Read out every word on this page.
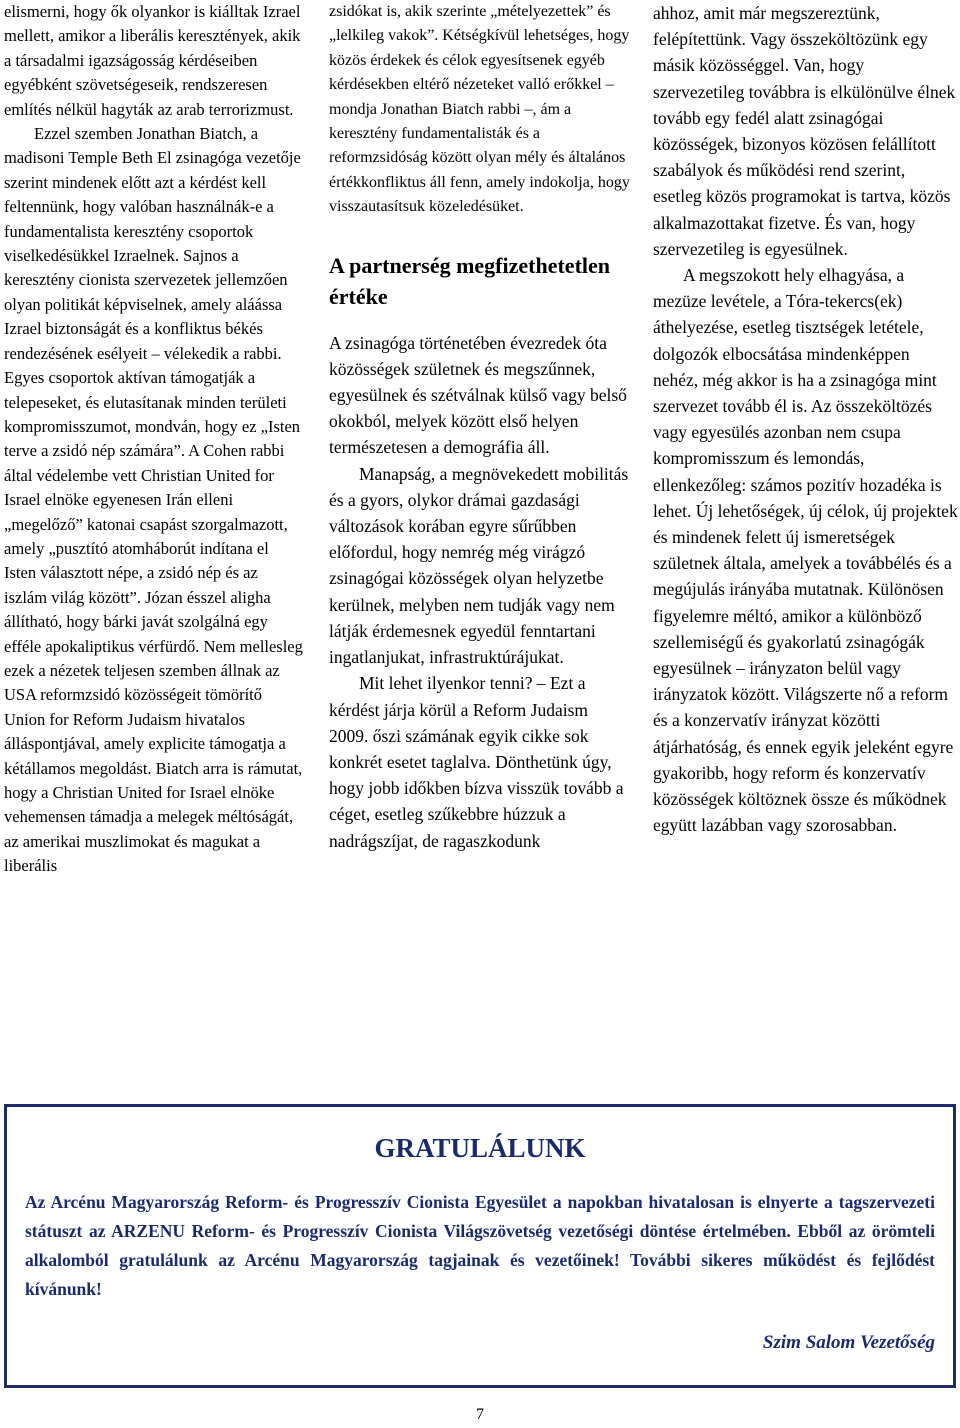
elismerni, hogy ők olyankor is kiálltak Izrael mellett, amikor a liberális keresztények, akik a társadalmi igazságosság kérdéseiben egyébként szövetségeseik, rendszeresen említés nélkül hagyták az arab terrorizmust.

Ezzel szemben Jonathan Biatch, a madisoni Temple Beth El zsinagóga vezetője szerint mindenek előtt azt a kérdést kell feltennünk, hogy valóban használnák-e a fundamentalista keresztény csoportok viselkedésükkel Izraelnek. Sajnos a keresztény cionista szervezetek jellemzően olyan politikát képviselnek, amely aláássa Izrael biztonságát és a konfliktus békés rendezésének esélyeit – vélekedik a rabbi. Egyes csoportok aktívan támogatják a telepeseket, és elutasítanak minden területi kompromisszumot, mondván, hogy ez „Isten terve a zsidó nép számára”. A Cohen rabbi által védelembe vett Christian United for Israel elnöke egyenesen Irán elleni „megelőző” katonai csapást szorgalmazott, amely „pusztító atomháborút indítana el Isten választott népe, a zsidó nép és az iszlám világ között”. Józan ésszel aligha állítható, hogy bárki javát szolgálná egy efféle apokaliptikus vérfürdő. Nem mellesleg ezek a nézetek teljesen szemben állnak az USA reformzsidó közösségeit tömörítő Union for Reform Judaism hivatalos álláspontjával, amely explicite támogatja a kétállamos megoldást. Biatch arra is rámutat, hogy a Christian United for Israel elnöke vehemensen támadja a melegek méltóságát, az amerikai muszlimokat és magukat a liberális

zsidókat is, akik szerinte „mételyezettek” és „lelkileg vakok”. Kétségkívül lehetséges, hogy közös érdekek és célok egyesítsenek egyéb kérdésekben eltérő nézeteket valló erőkkel – mondja Jonathan Biatch rabbi –, ám a keresztény fundamentalisták és a reformzsidóság között olyan mély és általános értékkonfliktus áll fenn, amely indokolja, hogy visszautasítsuk közeledésüket.

A partnerség megfizethetetlen értéke

A zsinagóga történetében évezredek óta közösségek születnek és megszűnnek, egyesülnek és szétválnak külső vagy belső okokból, melyek között első helyen természetesen a demográfia áll.

Manapság, a megnövekedett mobilitás és a gyors, olykor drámai gazdasági változások korában egyre sűrűbben előfordul, hogy nemrég még virágzó zsinagógai közösségek olyan helyzetbe kerülnek, melyben nem tudják vagy nem látják érdemesnek egyedül fenntartani ingatlanjukat, infrastruktúrájukat.

Mit lehet ilyenkor tenni? – Ezt a kérdést járja körül a Reform Judaism 2009. őszi számának egyik cikke sok konkrét esetet taglalva. Dönthetünk úgy, hogy jobb időkben bízva visszük tovább a céget, esetleg szűkebbre húzzuk a nadrágszíjat, de ragaszkodunk

ahhoz, amit már megszereztünk, felépítettünk. Vagy összeköltözünk egy másik közösséggel. Van, hogy szervezetileg továbbra is elkülönülve élnek tovább egy fedél alatt zsinagógai közösségek, bizonyos közösen felállított szabályok és működési rend szerint, esetleg közös programokat is tartva, közös alkalmazottakat fizetve. És van, hogy szervezetileg is egyesülnek.

A megszokott hely elhagyása, a mezüze levétele, a Tóra-tekercs(ek) áthelyezése, esetleg tisztségek letétele, dolgozók elbocsátása mindenképpen nehéz, még akkor is ha a zsinagóga mint szervezet tovább él is. Az összeköltözés vagy egyesülés azonban nem csupa kompromisszum és lemondás, ellenkezőleg: számos pozitív hozadéka is lehet. Új lehetőségek, új célok, új projektek és mindenek felett új ismeretségek születnek általa, amelyek a továbbélés és a megújulás irányába mutatnak. Különösen figyelemre méltó, amikor a különböző szellemiségű és gyakorlatú zsinagógák egyesülnek – irányzaton belül vagy irányzatok között. Világszerte nő a reform és a konzervatív irányzat közötti átjárhatóság, és ennek egyik jeleként egyre gyakoribb, hogy reform és konzervatív közösségek költöznek össze és működnek együtt lazábban vagy szorosabban.

GRATULÁLUNK

Az Arcénu Magyarország Reform- és Progresszív Cionista Egyesület a napokban hivatalosan is elnyerte a tagszervezeti státuszt az ARZENU Reform- és Progresszív Cionista Világszövetség vezetőségi döntése értelmében. Ebből az örömteli alkalomból gratulálunk az Arcénu Magyarország tagjainak és vezetőinek! További sikeres működést és fejlődést kívánunk!

Szim Salom Vezetőség
7
